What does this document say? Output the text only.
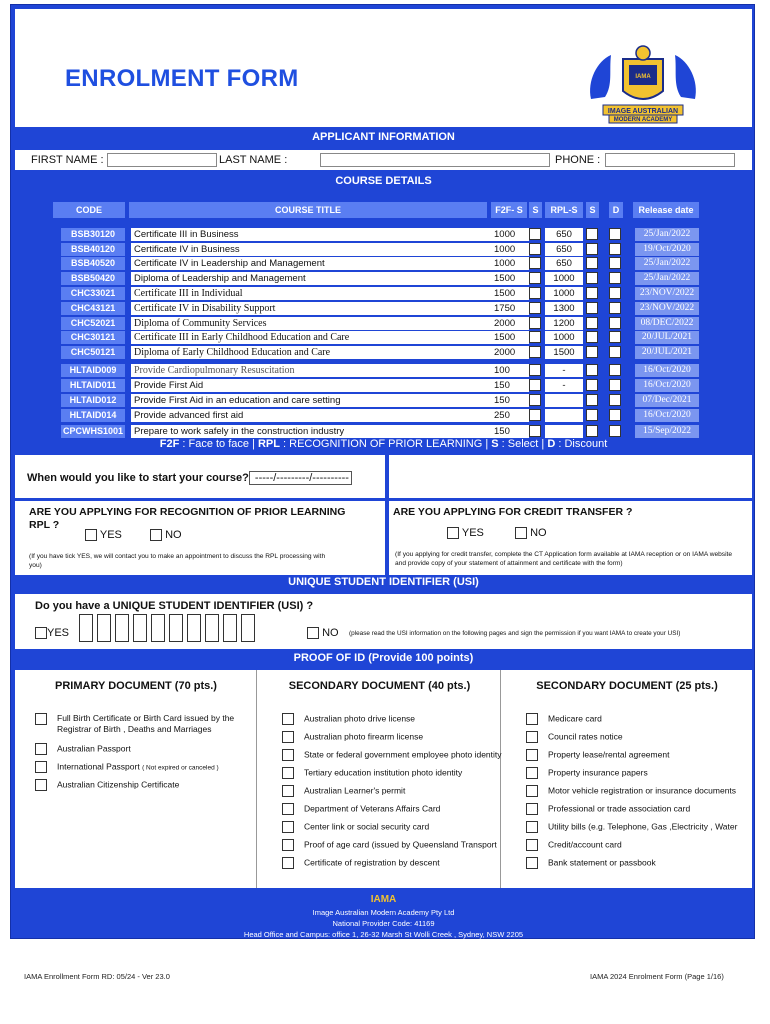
ENROLMENT FORM
IMAGE AUSTRALIAN
MODERN ACADEMY
IAMA
APPLICANT INFORMATION
FIRST NAME :	LAST NAME :	PHONE :
COURSE DETAILS
CODE	COURSE TITLE	F2F- S	S	RPL-S	S	D	Release date
BSB30120	Certificate III in Business	1000	650	25/Jan/2022
BSB40120	Certificate IV in Business	1000	650	19/Oct/2020
BSB40520	Certificate IV in Leadership and Management	1000	650	25/Jan/2022
BSB50420	Diploma of Leadership and Management	1500	1000	25/Jan/2022
CHC33021	Certificate III in Individual	1500	1000	23/NOV/2022
CHC43121	Certificate IV in Disability Support	1750	1300	23/NOV/2022
CHC52021	Diploma of Community Services	2000	1200	08/DEC/2022
CHC30121	Certificate III in Early Childhood Education and Care	1500	1000	20/JUL/2021
CHC50121	Diploma of Early Childhood Education and Care	2000	1500	20/JUL/2021
HLTAID009	Provide Cardiopulmonary Resuscitation	100	-	16/Oct/2020
HLTAID011	Provide First Aid	150	-	16/Oct/2020
HLTAID012	Provide First Aid in an education and care setting	150	07/Dec/2021
HLTAID014	Provide advanced first aid	250	16/Oct/2020
CPCWHS1001	Prepare to work safely in the construction industry	150	15/Sep/2022
F2F : Face to face | RPL : RECOGNITION OF PRIOR LEARNING | S : Select | D : Discount
When would you like to start your course? -----/---------/----------
ARE YOU APPLYING FOR RECOGNITION OF PRIOR LEARNING
RPL ?
YES	NO
(If you have tick YES, we will contact you to make an appointment to discuss the RPL processing with you)
ARE YOU APPLYING FOR CREDIT TRANSFER ?
YES	NO
(If you applying for credit transfer, complete the CT Application form available at IAMA reception or on IAMA website and provide copy of your statement of attainment and certificate with the form)
UNIQUE STUDENT IDENTIFIER (USI)
Do you have a UNIQUE STUDENT IDENTIFIER (USI) ?
YES	NO (please read the USI information on the following pages and sign the permission if you want IAMA to create your USI)
PROOF OF ID (Provide 100 points)
PRIMARY DOCUMENT (70 pts.)
Full Birth Certificate or Birth Card issued by the Registrar of Birth , Deaths and Marriages
Australian Passport
International Passport ( Not expired or canceled )
Australian Citizenship Certificate
SECONDARY DOCUMENT (40 pts.)
Australian photo drive license
Australian photo firearm license
State or federal government employee photo identity
Tertiary education institution photo identity
Australian Learner's permit
Department of Veterans Affairs Card
Center link or social security card
Proof of age card (issued by Queensland Transport
Certificate of registration by descent
SECONDARY DOCUMENT (25 pts.)
Medicare card
Council rates notice
Property lease/rental agreement
Property insurance papers
Motor vehicle registration or insurance documents
Professional or trade association card
Utility bills (e.g. Telephone, Gas ,Electricity , Water
Credit/account card
Bank statement or passbook
IAMA
Image Australian Modern Academy Pty Ltd
National Provider Code: 41169
Head Office and Campus: office 1, 26-32 Marsh St Wolli Creek , Sydney, NSW 2205
Phone: 02 94987028 | Mobile: 0427420244 / 0452496121 / 0450296121 | WhatsApp: 0451145411
Email: info@imageAMA.nsw.edu.au | www.imageAMA.nsw.edu.au
IAMA Enrollment Form RD: 05/24 - Ver 23.0	IAMA 2024 Enrolment Form (Page 1/16)
